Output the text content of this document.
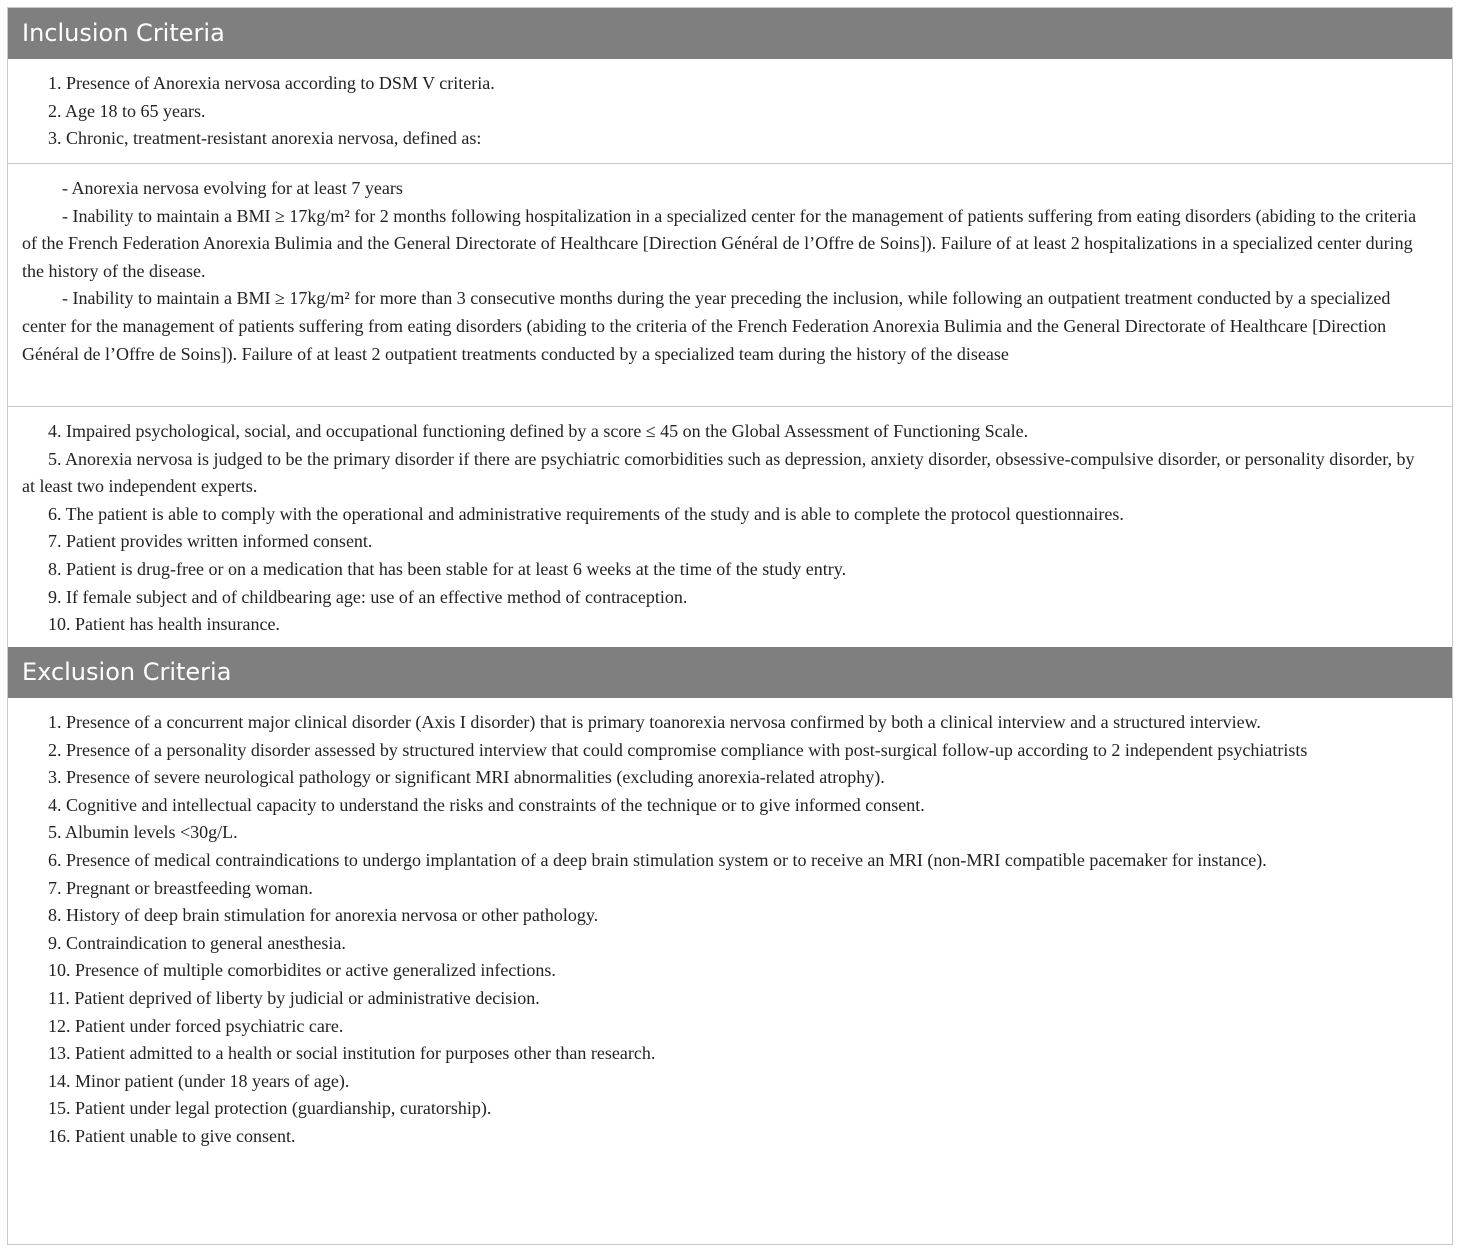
Inclusion Criteria

1. Presence of Anorexia nervosa according to DSM V criteria.

2. Age 18 to 65 years.

3. Chronic, treatment-resistant anorexia nervosa, defined as:

- Anorexia nervosa evolving for at least 7 years

- Inability to maintain a BMI ≥ 17kg/m² for 2 months following hospitalization in a specialized center for the management of patients suffering from eating disorders (abiding to the criteria of the French Federation Anorexia Bulimia and the General Directorate of Healthcare [Direction Général de l’Offre de Soins]). Failure of at least 2 hospitalizations in a specialized center during the history of the disease.

- Inability to maintain a BMI ≥ 17kg/m² for more than 3 consecutive months during the year preceding the inclusion, while following an outpatient treatment conducted by a specialized center for the management of patients suffering from eating disorders (abiding to the criteria of the French Federation Anorexia Bulimia and the General Directorate of Healthcare [Direction Général de l’Offre de Soins]). Failure of at least 2 outpatient treatments conducted by a specialized team during the history of the disease

4. Impaired psychological, social, and occupational functioning defined by a score ≤ 45 on the Global Assessment of Functioning Scale.

5. Anorexia nervosa is judged to be the primary disorder if there are psychiatric comorbidities such as depression, anxiety disorder, obsessive-compulsive disorder, or personality disorder, by at least two independent experts.

6. The patient is able to comply with the operational and administrative requirements of the study and is able to complete the protocol questionnaires.

7. Patient provides written informed consent.

8. Patient is drug-free or on a medication that has been stable for at least 6 weeks at the time of the study entry.

9. If female subject and of childbearing age: use of an effective method of contraception.

10. Patient has health insurance.

Exclusion Criteria

1. Presence of a concurrent major clinical disorder (Axis I disorder) that is primary toanorexia nervosa confirmed by both a clinical interview and a structured interview.

2. Presence of a personality disorder assessed by structured interview that could compromise compliance with post-surgical follow-up according to 2 independent psychiatrists

3. Presence of severe neurological pathology or significant MRI abnormalities (excluding anorexia-related atrophy).

4. Cognitive and intellectual capacity to understand the risks and constraints of the technique or to give informed consent.

5. Albumin levels <30g/L.

6. Presence of medical contraindications to undergo implantation of a deep brain stimulation system or to receive an MRI (non-MRI compatible pacemaker for instance).

7. Pregnant or breastfeeding woman.

8. History of deep brain stimulation for anorexia nervosa or other pathology.

9. Contraindication to general anesthesia.

10. Presence of multiple comorbidites or active generalized infections.

11. Patient deprived of liberty by judicial or administrative decision.

12. Patient under forced psychiatric care.

13. Patient admitted to a health or social institution for purposes other than research.

14. Minor patient (under 18 years of age).

15. Patient under legal protection (guardianship, curatorship).

16. Patient unable to give consent.
